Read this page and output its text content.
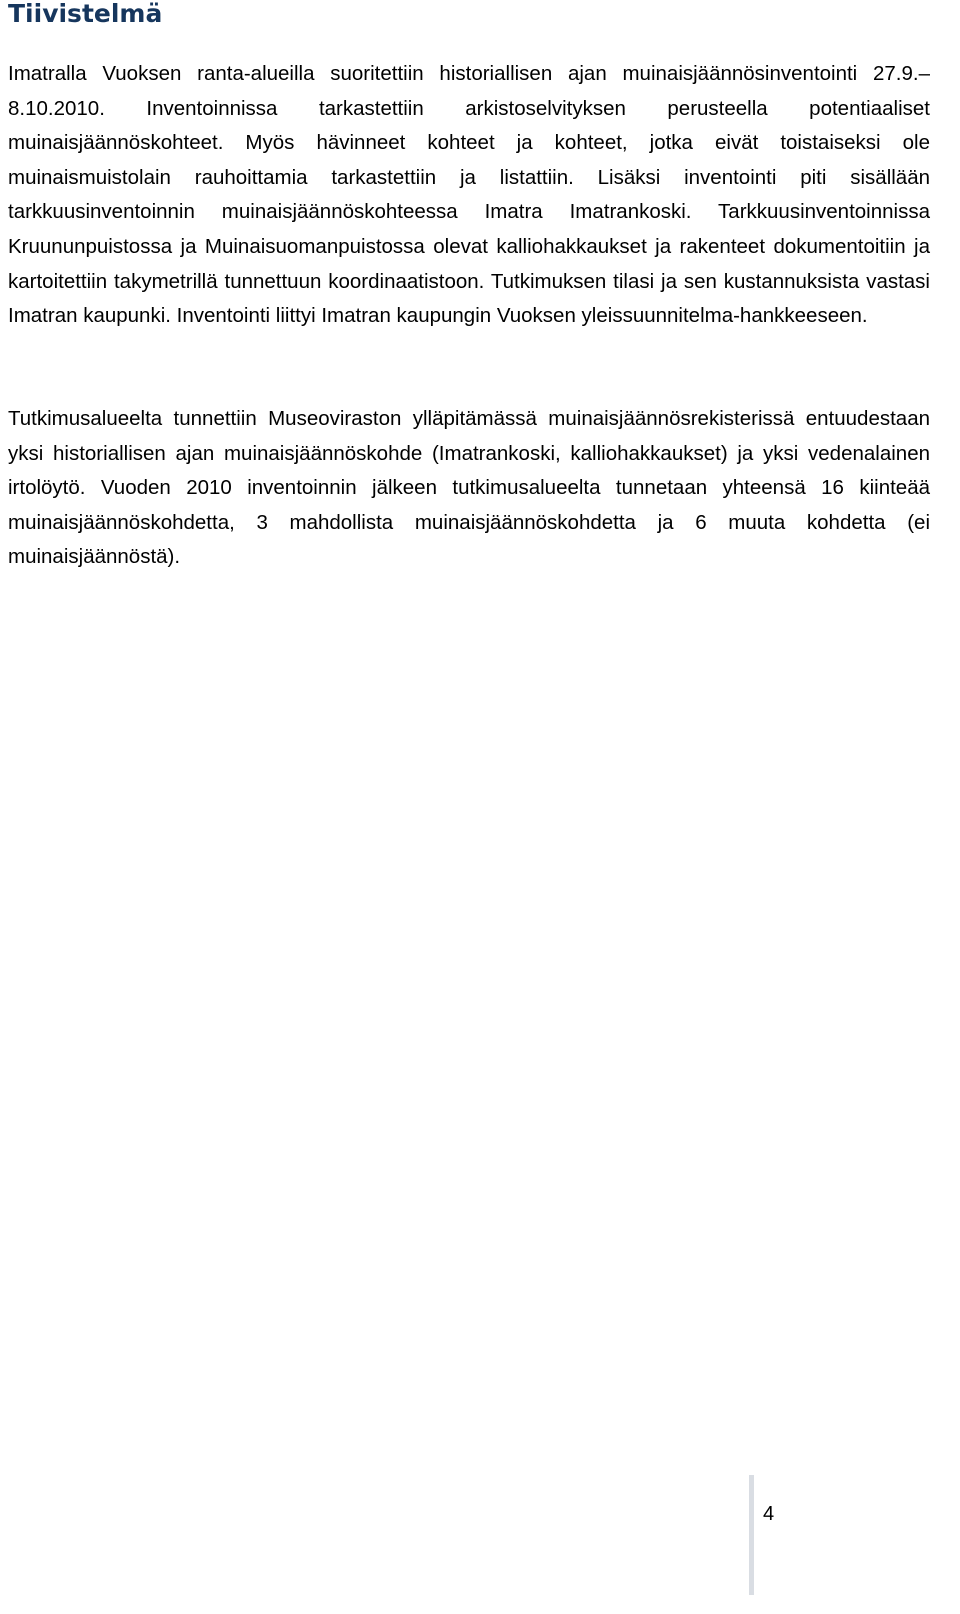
Tiivistelmä

Imatralla Vuoksen ranta-alueilla suoritettiin historiallisen ajan muinaisjäännösinventointi 27.9.–8.10.2010. Inventoinnissa tarkastettiin arkistoselvityksen perusteella potentiaaliset muinaisjäännöskohteet. Myös hävinneet kohteet ja kohteet, jotka eivät toistaiseksi ole muinaismuistolain rauhoittamia tarkastettiin ja listattiin. Lisäksi inventointi piti sisällään tarkkuusinventoinnin muinaisjäännöskohteessa Imatra Imatrankoski. Tarkkuusinventoinnissa Kruununpuistossa ja Muinaisuomanpuistossa olevat kalliohakkaukset ja rakenteet dokumentoitiin ja kartoitettiin takymetrillä tunnettuun koordinaatistoon. Tutkimuksen tilasi ja sen kustannuksista vastasi Imatran kaupunki. Inventointi liittyi Imatran kaupungin Vuoksen yleissuunnitelma-hankkeeseen.

Tutkimusalueelta tunnettiin Museoviraston ylläpitämässä muinaisjäännösrekisterissä entuudestaan yksi historiallisen ajan muinaisjäännöskohde (Imatrankoski, kalliohakkaukset) ja yksi vedenalainen irtolöytö. Vuoden 2010 inventoinnin jälkeen tutkimusalueelta tunnetaan yhteensä 16 kiinteää muinaisjäännöskohdetta, 3 mahdollista muinaisjäännöskohdetta ja 6 muuta kohdetta (ei muinaisjäännöstä).

4
